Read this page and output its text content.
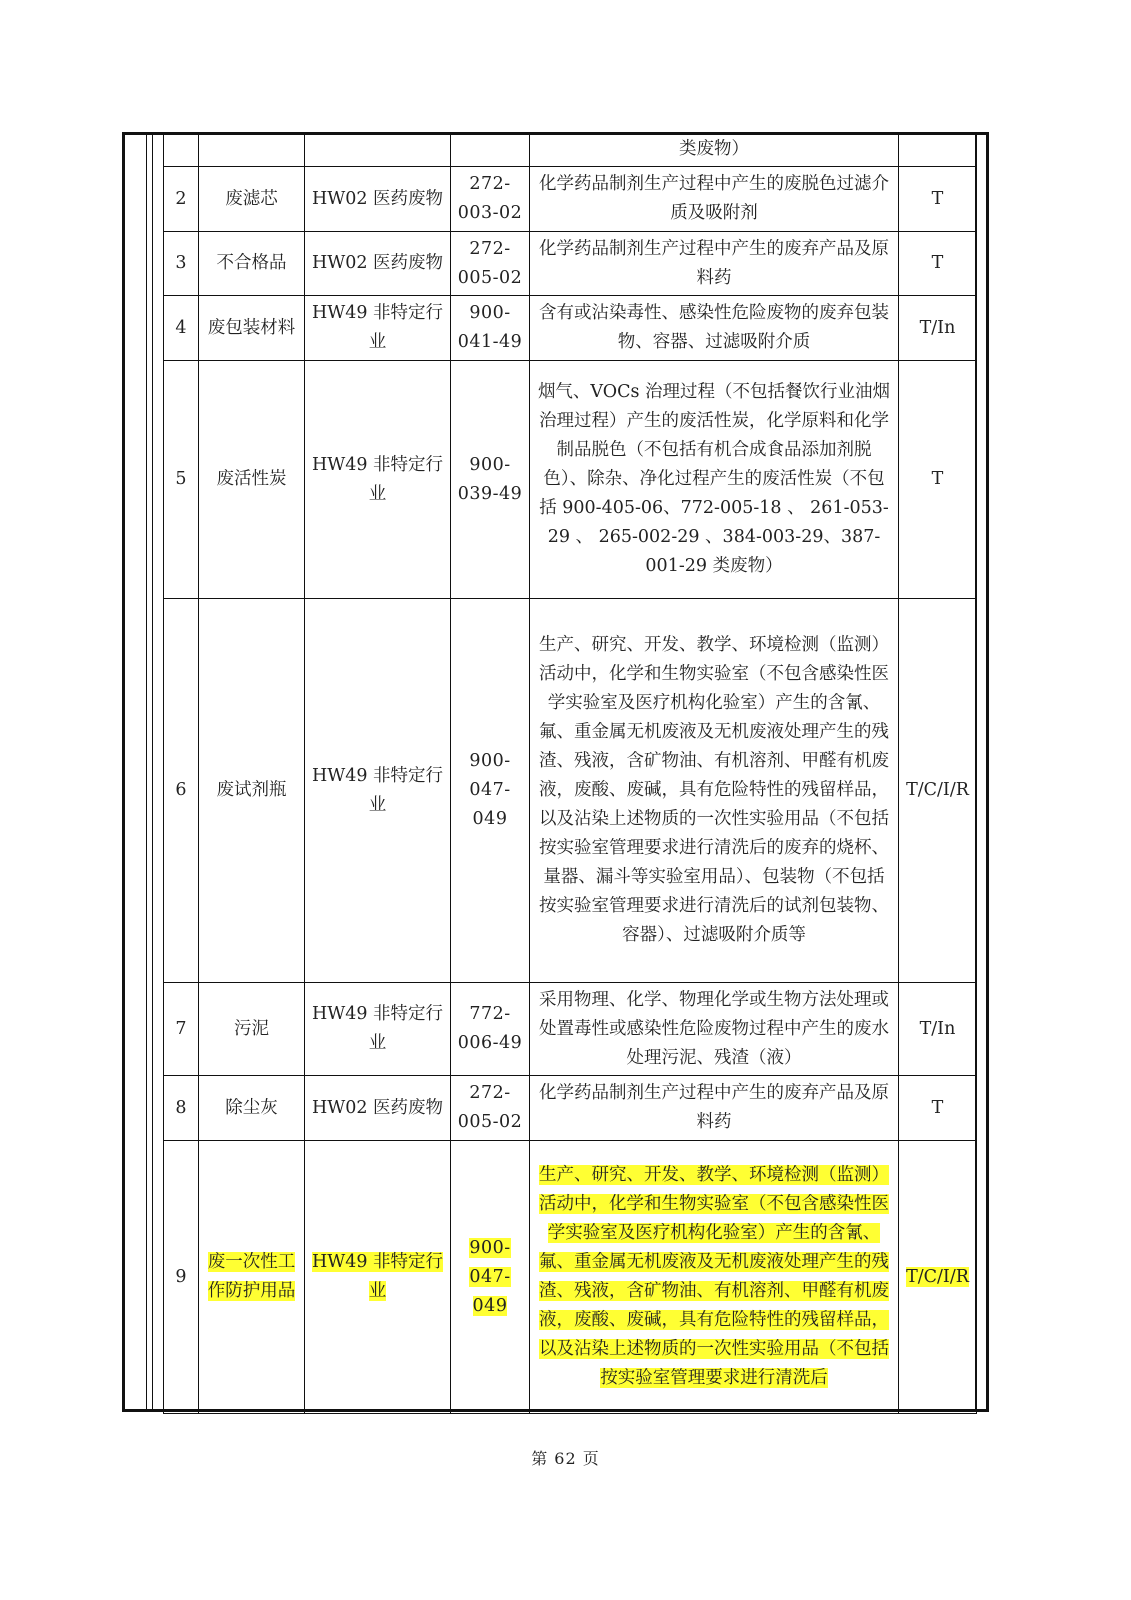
				类废物）	
2	废滤芯	HW02 医药废物	272-003-02	化学药品制剂生产过程中产生的废脱色过滤介质及吸附剂	T
3	不合格品	HW02 医药废物	272-005-02	化学药品制剂生产过程中产生的废弃产品及原料药	T
4	废包装材料	HW49 非特定行业	900-041-49	含有或沾染毒性、感染性危险废物的废弃包装物、容器、过滤吸附介质	T/In
5	废活性炭	HW49 非特定行业	900-039-49	烟气、VOCs 治理过程（不包括餐饮行业油烟治理过程）产生的废活性炭，化学原料和化学制品脱色（不包括有机合成食品添加剂脱色）、除杂、净化过程产生的废活性炭（不包括 900-405-06、772-005-18 、 261-053-29 、 265-002-29 、384-003-29、387-001-29 类废物）	T
6	废试剂瓶	HW49 非特定行业	900-047-049	生产、研究、开发、教学、环境检测（监测）活动中，化学和生物实验室（不包含感染性医学实验室及医疗机构化验室）产生的含氰、氟、重金属无机废液及无机废液处理产生的残渣、残液，含矿物油、有机溶剂、甲醛有机废液，废酸、废碱，具有危险特性的残留样品，以及沾染上述物质的一次性实验用品（不包括按实验室管理要求进行清洗后的废弃的烧杯、量器、漏斗等实验室用品）、包装物（不包括按实验室管理要求进行清洗后的试剂包装物、容器）、过滤吸附介质等	T/C/I/R
7	污泥	HW49 非特定行业	772-006-49	采用物理、化学、物理化学或生物方法处理或处置毒性或感染性危险废物过程中产生的废水处理污泥、残渣（液）	T/In
8	除尘灰	HW02 医药废物	272-005-02	化学药品制剂生产过程中产生的废弃产品及原料药	T
9	废一次性工作防护用品	HW49 非特定行业	900-047-049	生产、研究、开发、教学、环境检测（监测）活动中，化学和生物实验室（不包含感染性医学实验室及医疗机构化验室）产生的含氰、氟、重金属无机废液及无机废液处理产生的残渣、残液，含矿物油、有机溶剂、甲醛有机废液，废酸、废碱，具有危险特性的残留样品，以及沾染上述物质的一次性实验用品（不包括按实验室管理要求进行清洗后	T/C/I/R
第 62 页
